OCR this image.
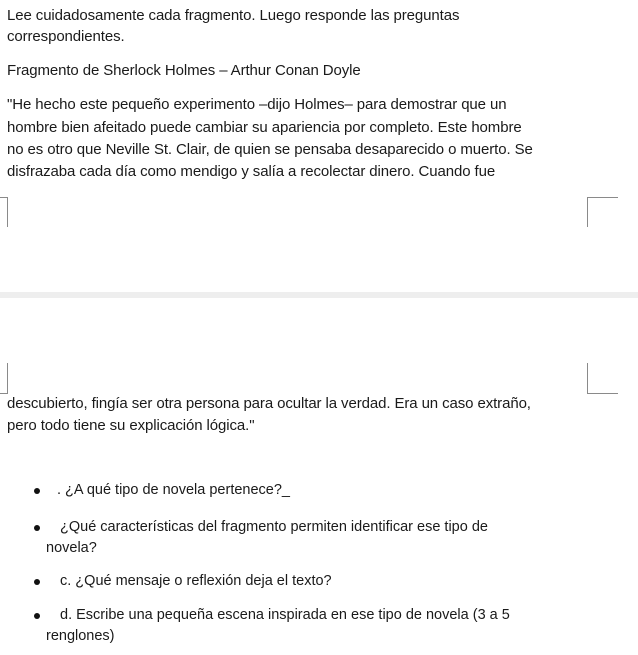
Lee cuidadosamente cada fragmento. Luego responde las preguntas
correspondientes.
Fragmento de Sherlock Holmes – Arthur Conan Doyle
"He hecho este pequeño experimento –dijo Holmes– para demostrar que un
hombre bien afeitado puede cambiar su apariencia por completo. Este hombre
no es otro que Neville St. Clair, de quien se pensaba desaparecido o muerto. Se
disfrazaba cada día como mendigo y salía a recolectar dinero. Cuando fue
descubierto, fingía ser otra persona para ocultar la verdad. Era un caso extraño,
pero todo tiene su explicación lógica."
. ¿A qué tipo de novela pertenece?_
¿Qué características del fragmento permiten identificar ese tipo de
novela?
c. ¿Qué mensaje o reflexión deja el texto?
d. Escribe una pequeña escena inspirada en ese tipo de novela (3 a 5
renglones)
